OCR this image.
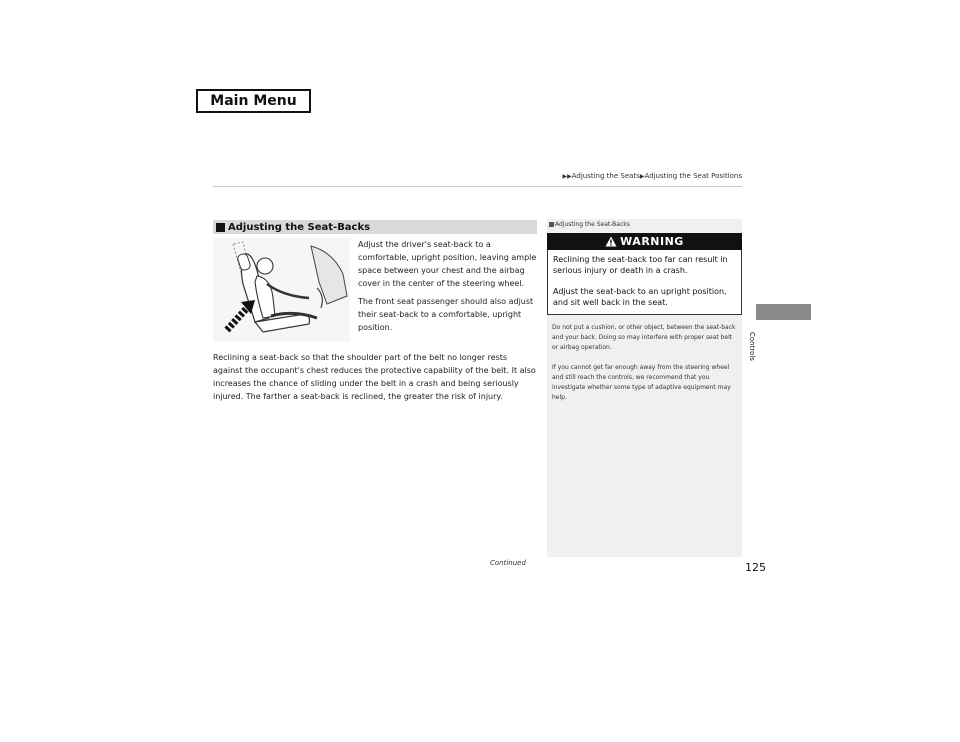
Main Menu
▶▶Adjusting the Seats▶Adjusting the Seat Positions
Controls
Adjusting the Seat-Backs
Adjust the driver's seat-back to a comfortable, upright position, leaving ample space between your chest and the airbag cover in the center of the steering wheel.
The front seat passenger should also adjust their seat-back to a comfortable, upright position.
Reclining a seat-back so that the shoulder part of the belt no longer rests against the occupant's chest reduces the protective capability of the belt. It also increases the chance of sliding under the belt in a crash and being seriously injured. The farther a seat-back is reclined, the greater the risk of injury.
Adjusting the Seat-Backs
WARNING
Reclining the seat-back too far can result in serious injury or death in a crash.
Adjust the seat-back to an upright position, and sit well back in the seat.
Do not put a cushion, or other object, between the seat-back and your back. Doing so may interfere with proper seat belt or airbag operation.
If you cannot get far enough away from the steering wheel and still reach the controls, we recommend that you investigate whether some type of adaptive equipment may help.
Continued	125
